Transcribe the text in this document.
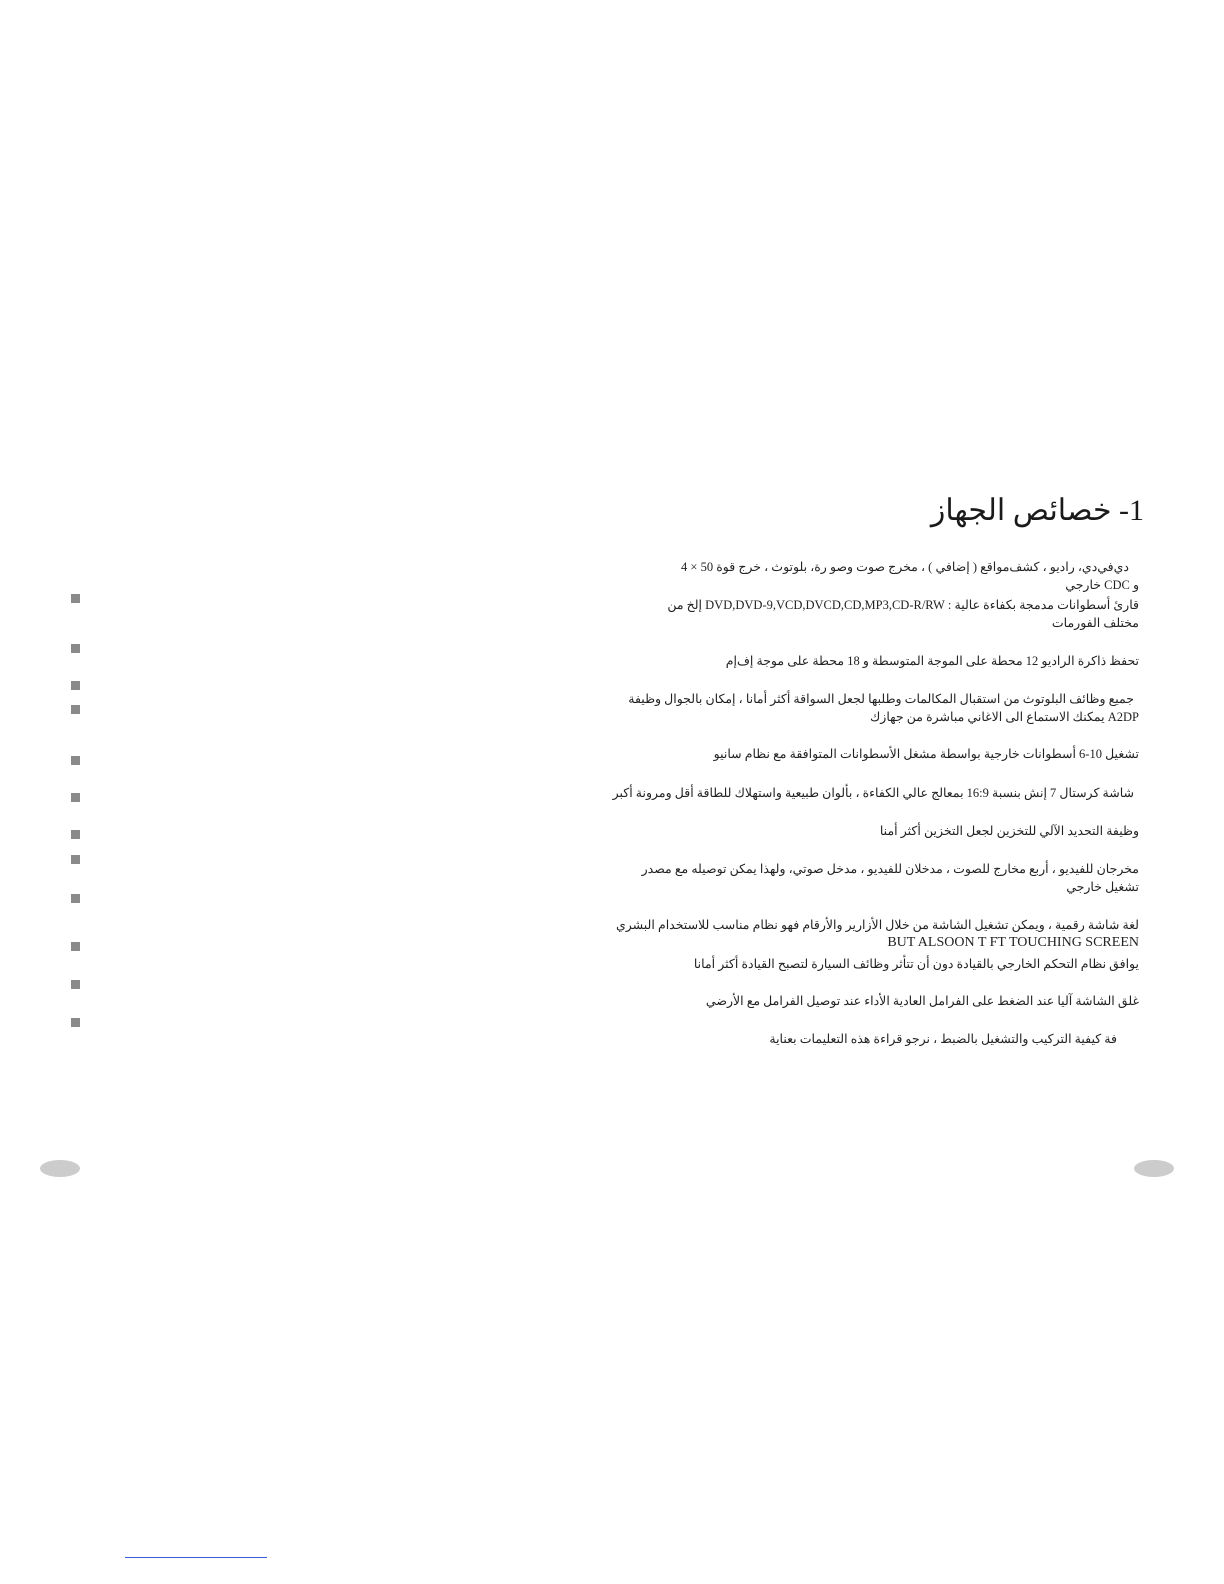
1- خصائص الجهاز
دي‌في‌دي، راديو ، كشف‌مواقع ( إضافي ) ، مخرج صوت وصو رة، بلوتوث ، خرج قوة 50 × 4
و CDC خارجي
قارئ أسطوانات مدمجة بكفاءة عالية : DVD,DVD-9,VCD,DVCD,CD,MP3,CD-R/RW إلخ من
مختلف الفورمات
تحفظ ذاكرة الراديو 12 محطة على الموجة المتوسطة و 18 محطة على موجة إف‌إم
جميع وظائف البلوتوث من استقبال المكالمات وطلبها لجعل السواقة أكثر أمانا ، إمكان بالجوال وظيفة
A2DP يمكنك الاستماع الى الاغاني مباشرة من جهازك
تشغيل 10-6 أسطوانات خارجية بواسطة مشغل الأسطوانات المتوافقة مع نظام سانيو
شاشة كرستال 7 إنش بنسبة 16:9 بمعالج عالي الكفاءة ، بألوان طبيعية واستهلاك للطاقة أقل ومرونة أكبر
وظيفة التحديد الآلي للتخزين لجعل التخزين أكثر أمنا
مخرجان للفيديو ، أربع مخارج للصوت ، مدخلان للفيديو ، مدخل صوتي، ولهذا يمكن توصيله مع مصدر
تشغيل خارجي
لغة شاشة رقمية ، ويمكن تشغيل الشاشة من خلال الأزارير والأرقام فهو نظام مناسب للاستخدام البشري
BUT ALSOON T FT TOUCHING SCREEN
يوافق نظام التحكم الخارجي بالقيادة دون أن تتأثر وظائف السيارة لتصبح القيادة أكثر أمانا
غلق الشاشة آليا عند الضغط على الفرامل العادية الأداء عند توصيل الفرامل مع الأرضي
فة كيفية التركيب والتشغيل بالضبط ، نرجو قراءة هذه التعليمات بعناية
